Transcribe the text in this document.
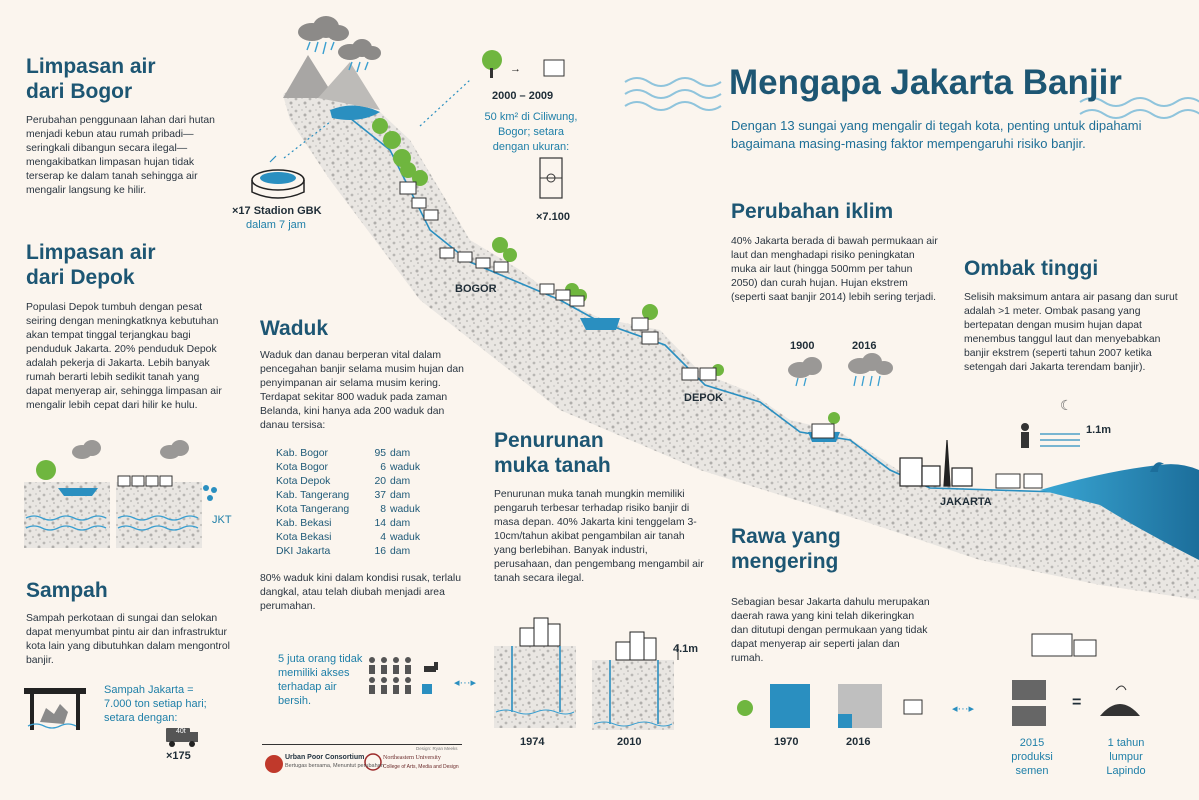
☾
→
◂···▸
◂···▸
Mengapa Jakarta Banjir
Dengan 13 sungai yang mengalir di tegah kota, penting untuk dipahami bagaimana masing-masing faktor mempengaruhi risiko banjir.
Limpasan air
dari Bogor
Perubahan penggunaan lahan dari hutan menjadi kebun atau rumah pribadi—seringkali dibangun secara ilegal—mengakibatkan limpasan hujan tidak terserap ke dalam tanah sehingga air mengalir langsung ke hilir.
×17 Stadion GBK
dalam 7 jam
2000 – 2009
50 km² di Ciliwung,
Bogor; setara
dengan ukuran:
×7.100
BOGOR
Limpasan air
dari Depok
Populasi Depok tumbuh dengan pesat seiring dengan meningkatknya kebutuhan akan tempat tinggal terjangkau bagi penduduk Jakarta. 20% penduduk Depok adalah pekerja di Jakarta. Lebih banyak rumah berarti lebih sedikit tanah yang dapat menyerap air, sehingga limpasan air mengalir lebih cepat dari hilir ke hulu.
JKT
DEPOK
Sampah
Sampah perkotaan di sungai dan selokan dapat menyumbat pintu air dan infrastruktur kota lain yang dibutuhkan dalam mengontrol banjir.
Sampah Jakarta = 7.000 ton setiap hari; setara dengan:
40t
×175
Waduk
Waduk dan danau berperan vital dalam pencegahan banjir selama musim hujan dan penyimpanan air selama musim kering. Terdapat sekitar 800 waduk pada zaman Belanda, kini hanya ada 200 waduk dan danau tersisa:
Kab. Bogor	95	dam
Kota Bogor	6	waduk
Kota Depok	20	dam
Kab. Tangerang	37	dam
Kota Tangerang	8	waduk
Kab. Bekasi	14	dam
Kota Bekasi	4	waduk
DKI Jakarta	16	dam
80% waduk kini dalam kondisi rusak, terlalu dangkal, atau telah diubah menjadi area perumahan.
5 juta orang tidak memiliki akses terhadap air bersih.
Penurunan
muka tanah
Penurunan muka tanah mungkin memiliki pengaruh terbesar terhadap risiko banjir di masa depan. 40% Jakarta kini tenggelam 3-10cm/tahun akibat pengambilan air tanah yang berlebihan. Banyak industri, perusahaan, dan pengembang mengambil air tanah secara ilegal.
1974	2010
4.1m
Perubahan iklim
40% Jakarta berada di bawah permukaan air laut dan menghadapi risiko peningkatan muka air laut (hingga 500mm per tahun 2050) dan curah hujan. Hujan ekstrem (seperti saat banjir 2014) lebih sering terjadi.
1900	2016
Ombak tinggi
Selisih maksimum antara air pasang dan surut adalah >1 meter. Ombak pasang yang bertepatan dengan musim hujan dapat menembus tanggul laut dan menyebabkan banjir ekstrem (seperti tahun 2007 ketika setengah dari Jakarta terendam banjir).
1.1m
JAKARTA
Rawa yang
mengering
Sebagian besar Jakarta dahulu merupakan daerah rawa yang kini telah dikeringkan dan ditutupi dengan permukaan yang tidak dapat menyerap air seperti jalan dan rumah.
1970	2016	2015 produksi semen
=
1 tahun lumpur Lapindo
Urban Poor Consortium
Bertugas bersama, Menuntut perubahan
Northeastern University
College of Arts, Media and Design
Design: Ryan Meeks
